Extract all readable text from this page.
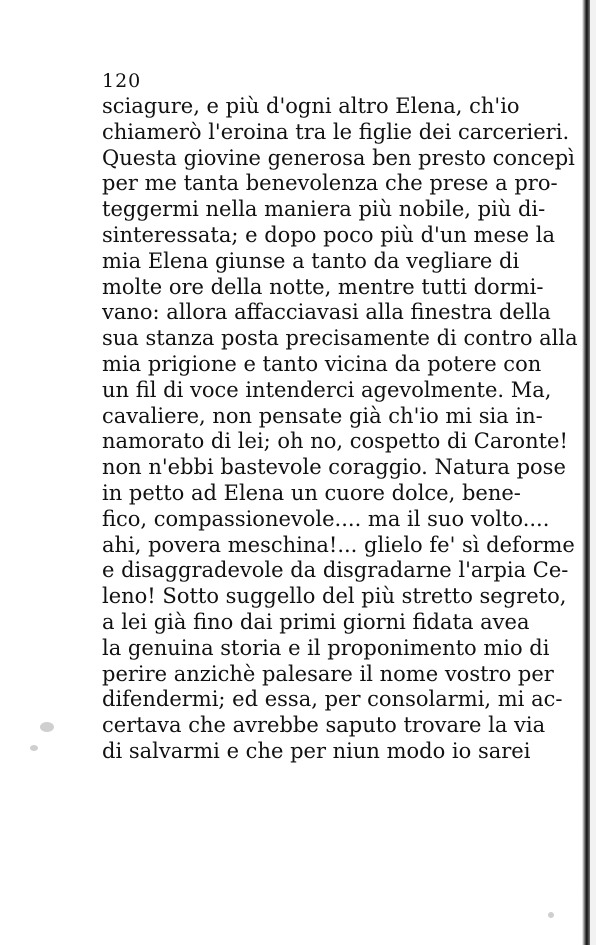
120
sciagure, e più d'ogni altro Elena, ch'io
chiamerò l'eroina tra le figlie dei carcerieri.
Questa giovine generosa ben presto concepì
per me tanta benevolenza che prese a pro-
teggermi nella maniera più nobile, più di-
sinteressata; e dopo poco più d'un mese la
mia Elena giunse a tanto da vegliare di
molte ore della notte, mentre tutti dormi-
vano: allora affacciavasi alla finestra della
sua stanza posta precisamente di contro alla
mia prigione e tanto vicina da potere con
un fil di voce intenderci agevolmente. Ma,
cavaliere, non pensate già ch'io mi sia in-
namorato di lei; oh no, cospetto di Caronte!
non n'ebbi bastevole coraggio. Natura pose
in petto ad Elena un cuore dolce, bene-
fico, compassionevole.... ma il suo volto....
ahi, povera meschina!... glielo fe' sì deforme
e disaggradevole da disgradarne l'arpia Ce-
leno! Sotto suggello del più stretto segreto,
a lei già fino dai primi giorni fidata avea
la genuina storia e il proponimento mio di
perire anzichè palesare il nome vostro per
difendermi; ed essa, per consolarmi, mi ac-
certava che avrebbe saputo trovare la via
di salvarmi e che per niun modo io sarei
